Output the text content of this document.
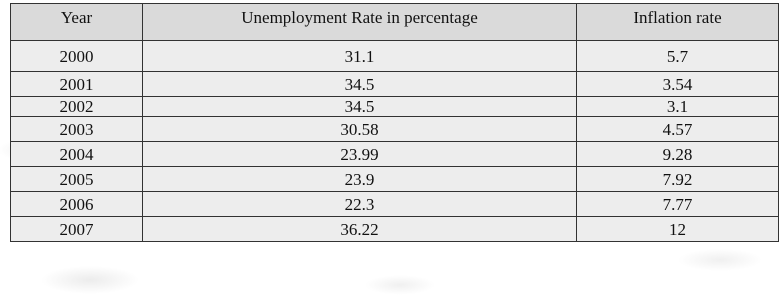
Year	Unemployment Rate in percentage	Inflation rate
2000	31.1	5.7
2001	34.5	3.54
2002	34.5	3.1
2003	30.58	4.57
2004	23.99	9.28
2005	23.9	7.92
2006	22.3	7.77
2007	36.22	12
